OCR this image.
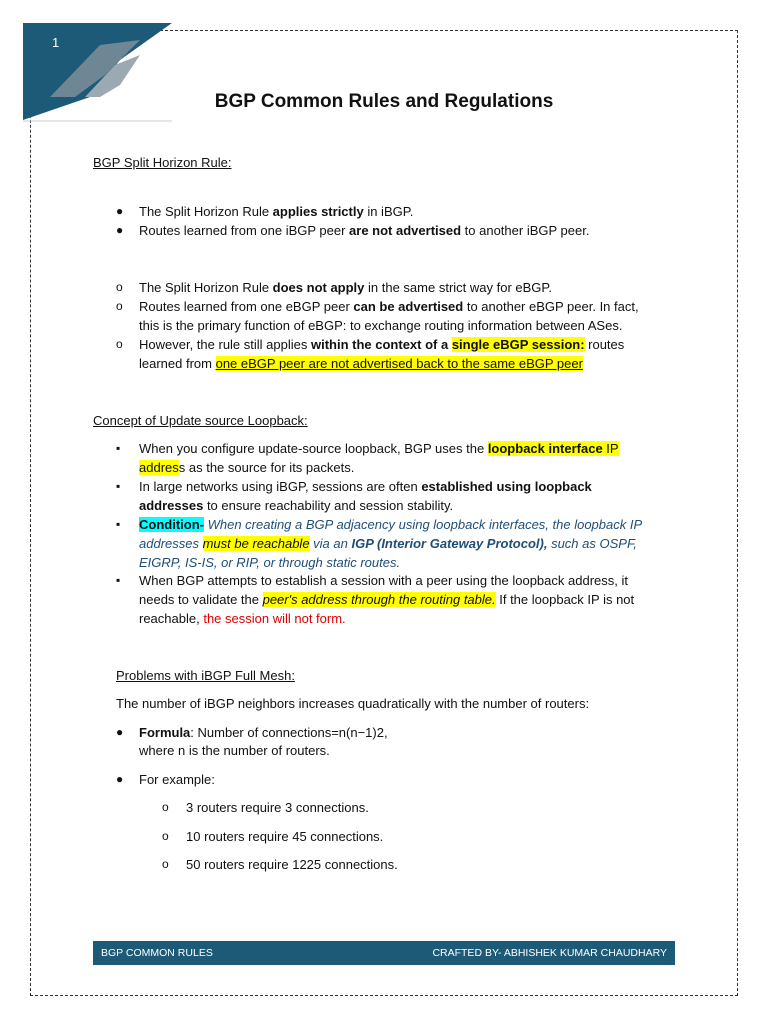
1
BGP Common Rules and Regulations
BGP Split Horizon Rule:
● The Split Horizon Rule applies strictly in iBGP.
● Routes learned from one iBGP peer are not advertised to another iBGP peer.
o The Split Horizon Rule does not apply in the same strict way for eBGP.
o Routes learned from one eBGP peer can be advertised to another eBGP peer. In fact,
this is the primary function of eBGP: to exchange routing information between ASes.
o However, the rule still applies within the context of a single eBGP session: routes
learned from one eBGP peer are not advertised back to the same eBGP peer
Concept of Update source Loopback:
▪ When you configure update-source loopback, BGP uses the loopback interface IP
address as the source for its packets.
▪ In large networks using iBGP, sessions are often established using loopback
addresses to ensure reachability and session stability.
▪ Condition- When creating a BGP adjacency using loopback interfaces, the loopback IP
addresses must be reachable via an IGP (Interior Gateway Protocol), such as OSPF,
EIGRP, IS-IS, or RIP, or through static routes.
▪ When BGP attempts to establish a session with a peer using the loopback address, it
needs to validate the peer's address through the routing table. If the loopback IP is not
reachable, the session will not form.
Problems with iBGP Full Mesh:
The number of iBGP neighbors increases quadratically with the number of routers:
● Formula: Number of connections=n(n−1)2,
where n is the number of routers.
● For example:
o 3 routers require 3 connections.
o 10 routers require 45 connections.
o 50 routers require 1225 connections.
BGP COMMON RULES	CRAFTED BY- ABHISHEK KUMAR CHAUDHARY
